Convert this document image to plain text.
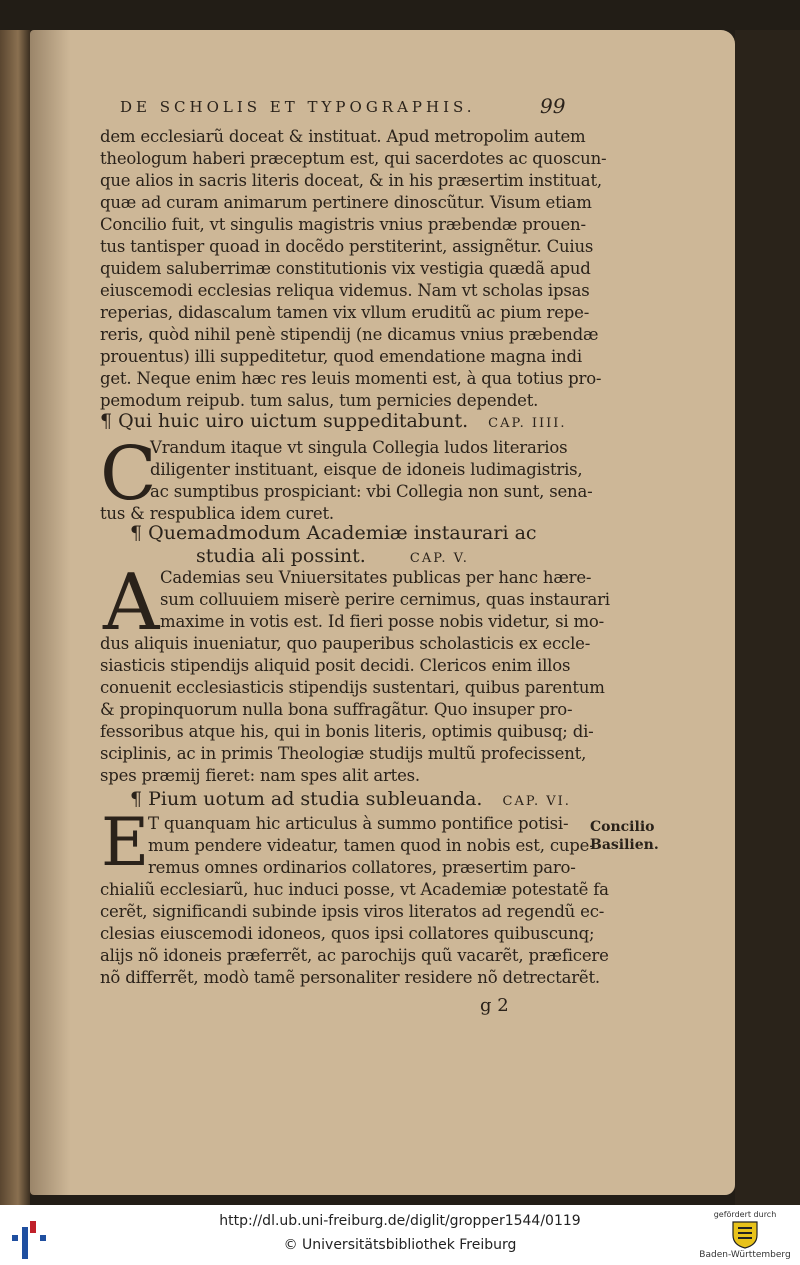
DE SCHOLIS ET TYPOGRAPHIS.	99

dem ecclesiarũ doceat & instituat. Apud metropolim autem

theologum haberi præceptum est, qui sacerdotes ac quoscun-

que alios in sacris literis doceat, & in his præsertim instituat,

quæ ad curam animarum pertinere dinoscũtur. Visum etiam

Concilio fuit, vt singulis magistris vnius præbendæ prouen-

tus tantisper quoad in docẽdo perstiterint, assignẽtur. Cuius

quidem saluberrimæ constitutionis vix vestigia quædã apud

eiuscemodi ecclesias reliqua videmus. Nam vt scholas ipsas

reperias, didascalum tamen vix vllum eruditũ ac pium repe-

reris, quòd nihil penè stipendij (ne dicamus vnius præbendæ

prouentus) illi suppeditetur, quod emendatione magna indi

get. Neque enim hæc res leuis momenti est, à qua totius pro-

pemodum reipub. tum salus, tum pernicies dependet.

¶ Qui huic uiro uictum suppeditabunt. CAP. IIII.
C

Vrandum itaque vt singula Collegia ludos literarios

diligenter instituant, eisque de idoneis ludimagistris,

ac sumptibus prospiciant: vbi Collegia non sunt, sena-

tus & respublica idem curet.

¶ Quemadmodum Academiæ instaurari ac
studia ali possint.	CAP. V.
A Cademias seu Vniuersitates publicas per hanc hære-

sum colluuiem miserè perire cernimus, quas instaurari

maxime in votis est. Id fieri posse nobis videtur, si mo-

dus aliquis inueniatur, quo pauperibus scholasticis ex eccle-

siasticis stipendijs aliquid posit decidi. Clericos enim illos

conuenit ecclesiasticis stipendijs sustentari, quibus parentum

& propinquorum nulla bona suffragãtur. Quo insuper pro-

fessoribus atque his, qui in bonis literis, optimis quibusq; di-

sciplinis, ac in primis Theologiæ studijs multũ profecissent,

spes præmij fieret: nam spes alit artes.

¶ Pium uotum ad studia subleuanda. CAP. VI.
E

T quanquam hic articulus à summo pontifice potisi-

mum pendere videatur, tamen quod in nobis est, cupe-

remus omnes ordinarios collatores, præsertim paro-

chialiũ ecclesiarũ, huc induci posse, vt Academiæ potestatẽ fa

cerẽt, significandi subinde ipsis viros literatos ad regendũ ec-

clesias eiuscemodi idoneos, quos ipsi collatores quibuscunq;

alijs nõ idoneis præferrẽt, ac parochijs quũ vacarẽt, præficere

nõ differrẽt, modò tamẽ personaliter residere nõ detrectarẽt.

Concilio
Basilien.
g 2
http://dl.ub.uni-freiburg.de/diglit/gropper1544/0119
© Universitätsbibliothek Freiburg
gefördert durch
Baden-Württemberg
